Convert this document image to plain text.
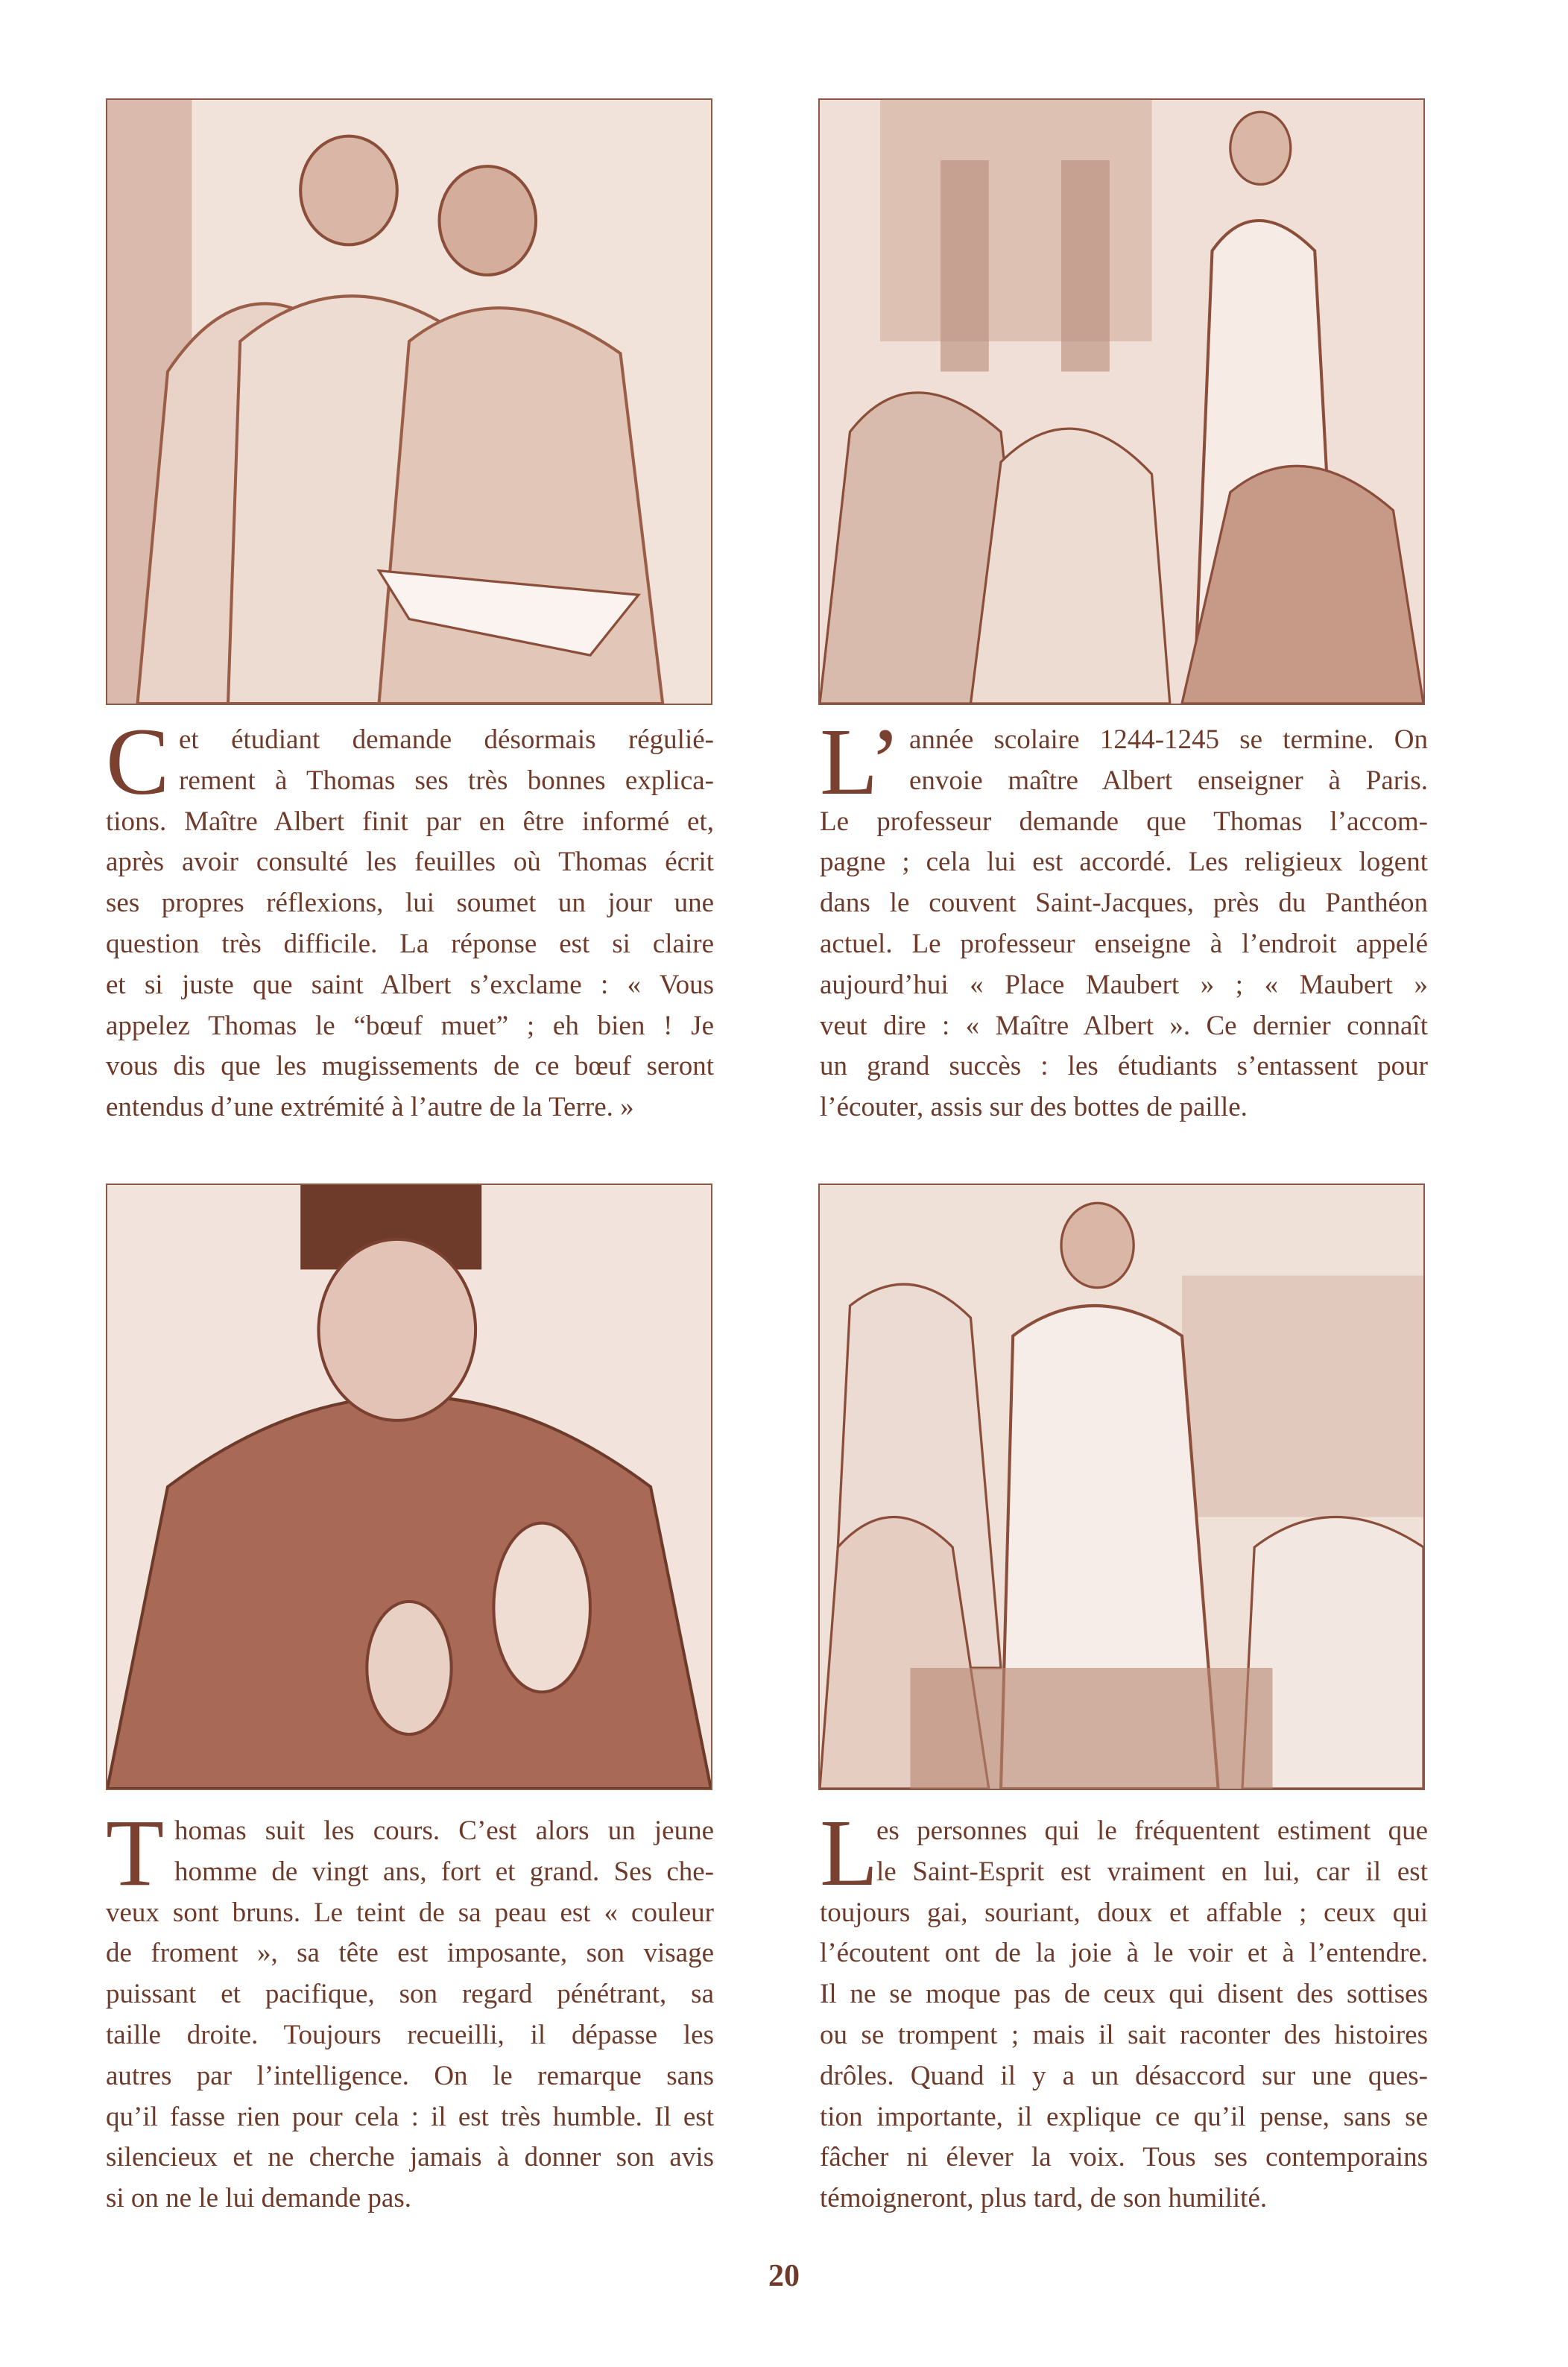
C et étudiant demande désormais régulié-
rement à Thomas ses très bonnes explica-
tions. Maître Albert finit par en être informé et,
après avoir consulté les feuilles où Thomas écrit
ses propres réflexions, lui soumet un jour une
question très difficile. La réponse est si claire
et si juste que saint Albert s’exclame : « Vous
appelez Thomas le “bœuf muet” ; eh bien ! Je
vous dis que les mugissements de ce bœuf seront
entendus d’une extrémité à l’autre de la Terre. »
L’ année scolaire 1244-1245 se termine. On
envoie maître Albert enseigner à Paris.
Le professeur demande que Thomas l’accom-
pagne ; cela lui est accordé. Les religieux logent
dans le couvent Saint-Jacques, près du Panthéon
actuel. Le professeur enseigne à l’endroit appelé
aujourd’hui « Place Maubert » ; « Maubert »
veut dire : « Maître Albert ». Ce dernier connaît
un grand succès : les étudiants s’entassent pour
l’écouter, assis sur des bottes de paille.
T homas suit les cours. C’est alors un jeune
homme de vingt ans, fort et grand. Ses che-
veux sont bruns. Le teint de sa peau est « couleur
de froment », sa tête est imposante, son visage
puissant et pacifique, son regard pénétrant, sa
taille droite. Toujours recueilli, il dépasse les
autres par l’intelligence. On le remarque sans
qu’il fasse rien pour cela : il est très humble. Il est
silencieux et ne cherche jamais à donner son avis
si on ne le lui demande pas.
L
es personnes qui le fréquentent estiment que
le Saint-Esprit est vraiment en lui, car il est
toujours gai, souriant, doux et affable ; ceux qui
l’écoutent ont de la joie à le voir et à l’entendre.
Il ne se moque pas de ceux qui disent des sottises
ou se trompent ; mais il sait raconter des histoires
drôles. Quand il y a un désaccord sur une ques-
tion importante, il explique ce qu’il pense, sans se
fâcher ni élever la voix. Tous ses contemporains
témoigneront, plus tard, de son humilité.
20
